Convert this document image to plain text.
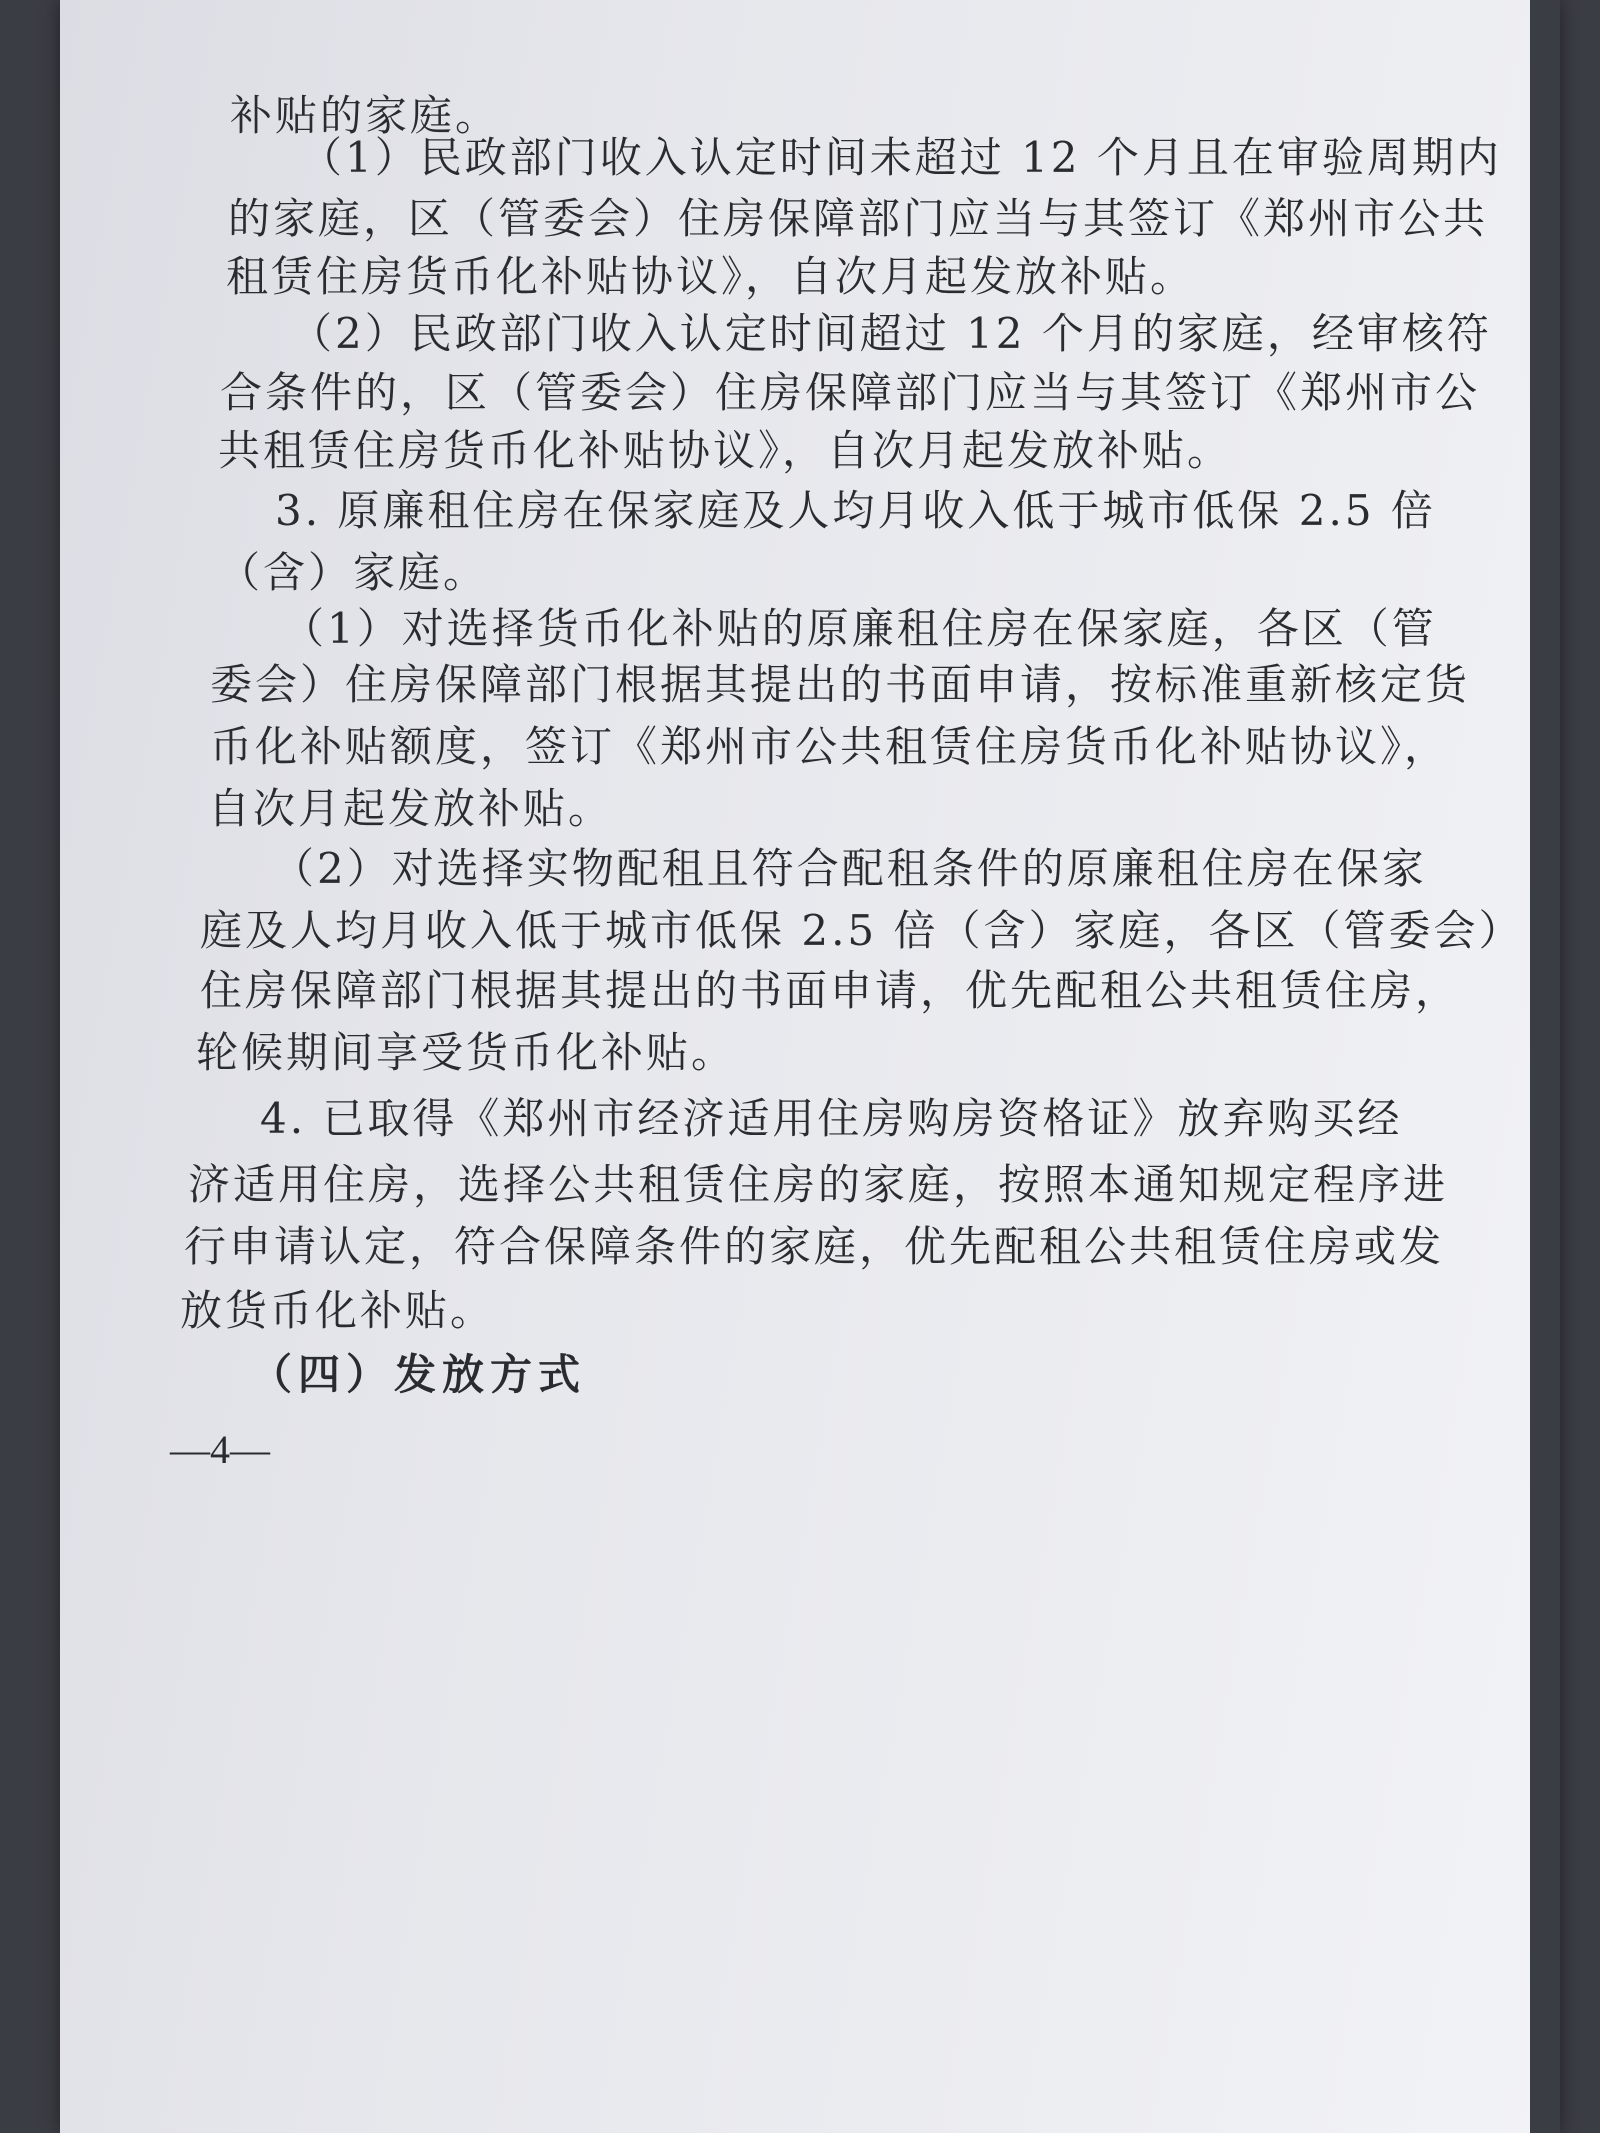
补贴的家庭。
（1）民政部门收入认定时间未超过 12 个月且在审验周期内
的家庭，区（管委会）住房保障部门应当与其签订《郑州市公共
租赁住房货币化补贴协议》，自次月起发放补贴。
（2）民政部门收入认定时间超过 12 个月的家庭，经审核符
合条件的，区（管委会）住房保障部门应当与其签订《郑州市公
共租赁住房货币化补贴协议》，自次月起发放补贴。
3. 原廉租住房在保家庭及人均月收入低于城市低保 2.5 倍
（含）家庭。
（1）对选择货币化补贴的原廉租住房在保家庭，各区（管
委会）住房保障部门根据其提出的书面申请，按标准重新核定货
币化补贴额度，签订《郑州市公共租赁住房货币化补贴协议》，
自次月起发放补贴。
（2）对选择实物配租且符合配租条件的原廉租住房在保家
庭及人均月收入低于城市低保 2.5 倍（含）家庭，各区（管委会）
住房保障部门根据其提出的书面申请，优先配租公共租赁住房，
轮候期间享受货币化补贴。
4. 已取得《郑州市经济适用住房购房资格证》放弃购买经
济适用住房，选择公共租赁住房的家庭，按照本通知规定程序进
行申请认定，符合保障条件的家庭，优先配租公共租赁住房或发
放货币化补贴。
（四）发放方式
—4—
